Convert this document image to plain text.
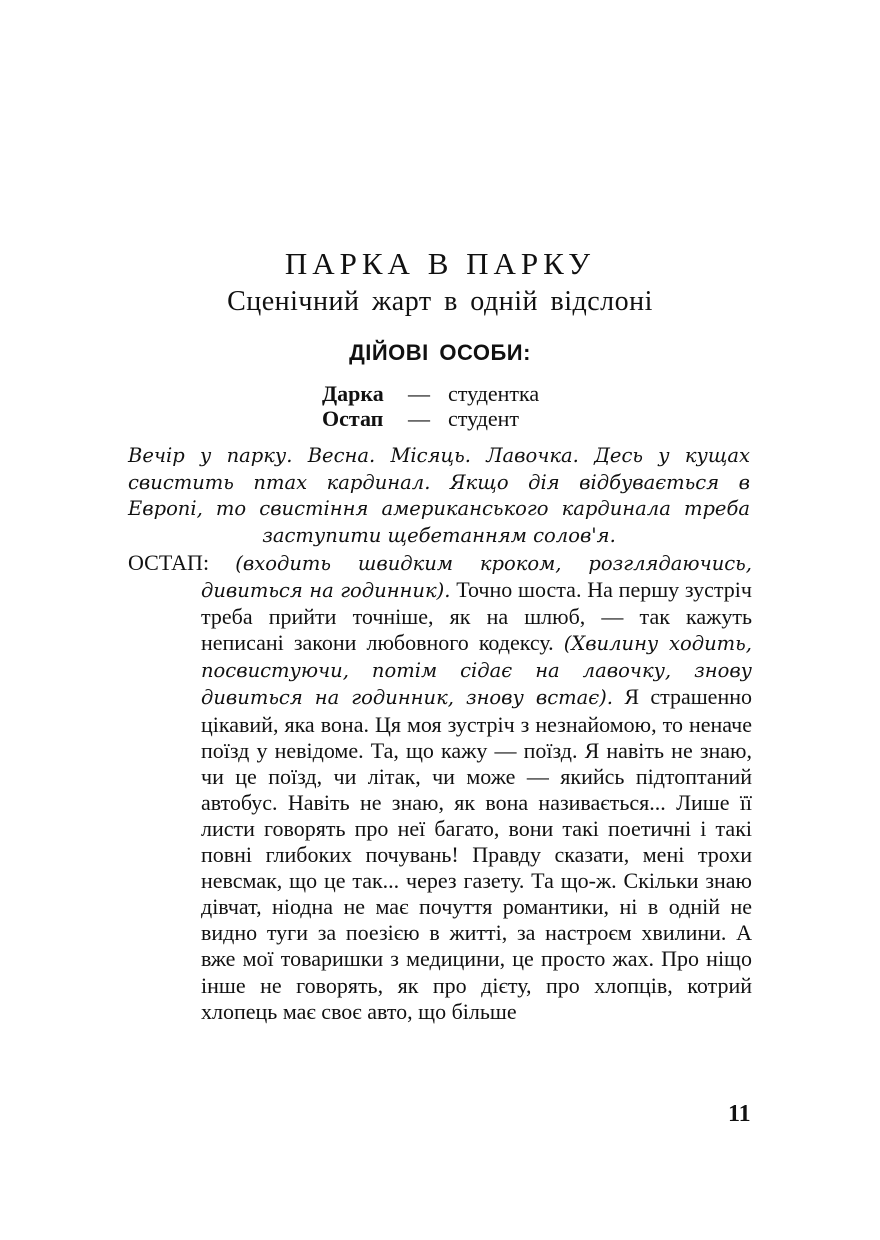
ПАРКА В ПАРКУ
Сценічний жарт в одній відслоні
ДІЙОВІ ОСОБИ:
Дарка — студентка
Остап — студент
Вечір у парку. Весна. Місяць. Лавочка. Десь у кущах свистить птах кардинал. Якщо дія відбувається в Европі, то свистіння американського кардинала треба заступити щебетанням солов'я.
ОСТАП: (входить швидким кроком, розглядаючись, дивиться на годинник). Точно шоста. На першу зустріч треба прийти точніше, як на шлюб, — так кажуть неписані закони любовного кодексу. (Хвилину ходить, посвистуючи, потім сідає на лавочку, знову дивиться на годинник, знову встає). Я страшенно цікавий, яка вона. Ця моя зустріч з незнайомою, то неначе поїзд у невідоме. Та, що кажу — поїзд. Я навіть не знаю, чи це поїзд, чи літак, чи може — якийсь підтоптаний автобус. Навіть не знаю, як вона називається... Лише її листи говорять про неї багато, вони такі поетичні і такі повні глибоких почувань! Правду сказати, мені трохи невсмак, що це так... через газету. Та що-ж. Скільки знаю дівчат, ніодна не має почуття романтики, ні в одній не видно туги за поезією в житті, за настроєм хвилини. А вже мої товаришки з медицини, це просто жах. Про ніщо інше не говорять, як про дієту, про хлопців, котрий хлопець має своє авто, що більше
11
